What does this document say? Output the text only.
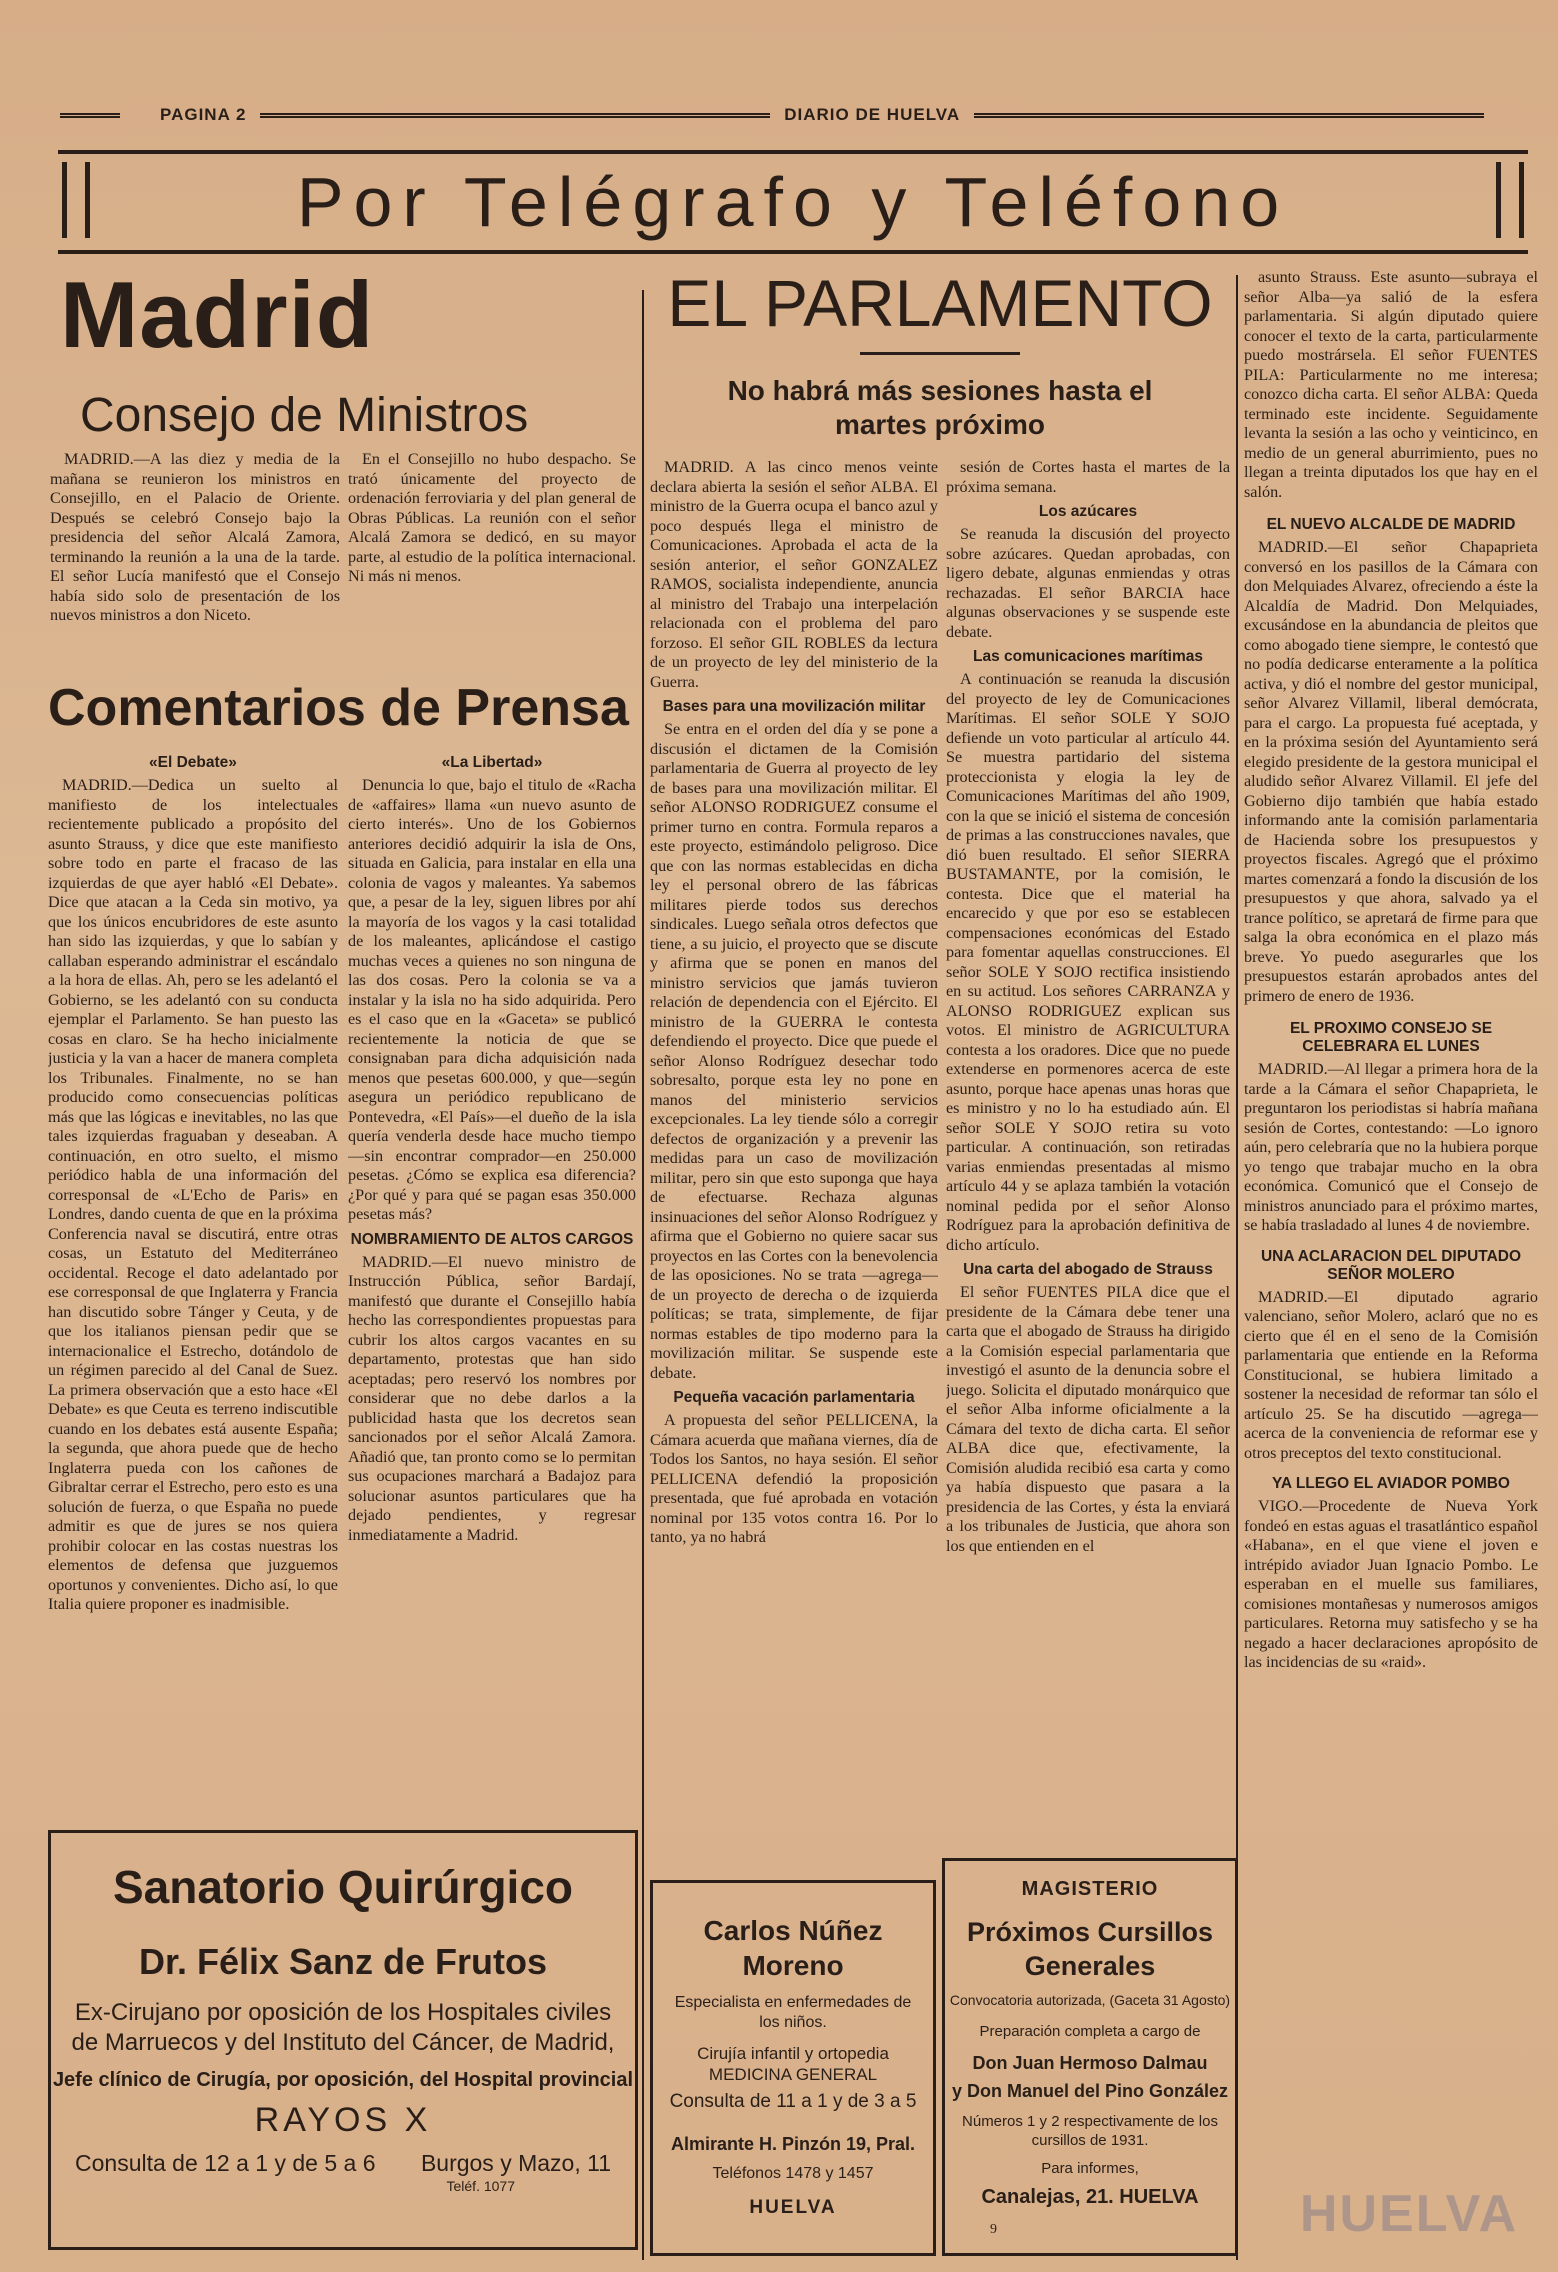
PAGINA 2	DIARIO DE HUELVA
Por Telégrafo y Teléfono
Madrid
Consejo de Ministros

MADRID.—A las diez y media de la mañana se reunieron los ministros en Consejillo, en el Palacio de Oriente. Después se celebró Consejo bajo la presidencia del señor Alcalá Zamora, terminando la reunión a la una de la tarde. El señor Lucía manifestó que el Consejo había sido solo de presentación de los nuevos ministros a don Niceto.

En el Consejillo no hubo despacho. Se trató únicamente del proyecto de ordenación ferroviaria y del plan general de Obras Públicas. La reunión con el señor Alcalá Zamora se dedicó, en su mayor parte, al estudio de la política internacional. Ni más ni menos.

Comentarios de Prensa
«El Debate»

MADRID.—Dedica un suelto al manifiesto de los intelectuales recientemente publicado a propósito del asunto Strauss, y dice que este manifiesto sobre todo en parte el fracaso de las izquierdas de que ayer habló «El Debate». Dice que atacan a la Ceda sin motivo, ya que los únicos encubridores de este asunto han sido las izquierdas, y que lo sabían y callaban esperando administrar el escándalo a la hora de ellas. Ah, pero se les adelantó el Gobierno, se les adelantó con su conducta ejemplar el Parlamento. Se han puesto las cosas en claro. Se ha hecho inicialmente justicia y la van a hacer de manera completa los Tribunales. Finalmente, no se han producido como consecuencias políticas más que las lógicas e inevitables, no las que tales izquierdas fraguaban y deseaban. A continuación, en otro suelto, el mismo periódico habla de una información del corresponsal de «L'Echo de Paris» en Londres, dando cuenta de que en la próxima Conferencia naval se discutirá, entre otras cosas, un Estatuto del Mediterráneo occidental. Recoge el dato adelantado por ese corresponsal de que Inglaterra y Francia han discutido sobre Tánger y Ceuta, y de que los italianos piensan pedir que se internacionalice el Estrecho, dotándolo de un régimen parecido al del Canal de Suez. La primera observación que a esto hace «El Debate» es que Ceuta es terreno indiscutible cuando en los debates está ausente España; la segunda, que ahora puede que de hecho Inglaterra pueda con los cañones de Gibraltar cerrar el Estrecho, pero esto es una solución de fuerza, o que España no puede admitir es que de jures se nos quiera prohibir colocar en las costas nuestras los elementos de defensa que juzguemos oportunos y convenientes. Dicho así, lo que Italia quiere proponer es inadmisible.

«La Libertad»

Denuncia lo que, bajo el titulo de «Racha de «affaires» llama «un nuevo asunto de cierto interés». Uno de los Gobiernos anteriores decidió adquirir la isla de Ons, situada en Galicia, para instalar en ella una colonia de vagos y maleantes. Ya sabemos que, a pesar de la ley, siguen libres por ahí la mayoría de los vagos y la casi totalidad de los maleantes, aplicándose el castigo muchas veces a quienes no son ninguna de las dos cosas. Pero la colonia se va a instalar y la isla no ha sido adquirida. Pero es el caso que en la «Gaceta» se publicó recientemente la noticia de que se consignaban para dicha adquisición nada menos que pesetas 600.000, y que—según asegura un periódico republicano de Pontevedra, «El País»—el dueño de la isla quería venderla desde hace mucho tiempo—sin encontrar comprador—en 250.000 pesetas. ¿Cómo se explica esa diferencia? ¿Por qué y para qué se pagan esas 350.000 pesetas más?

NOMBRAMIENTO DE ALTOS CARGOS

MADRID.—El nuevo ministro de Instrucción Pública, señor Bardají, manifestó que durante el Consejillo había hecho las correspondientes propuestas para cubrir los altos cargos vacantes en su departamento, protestas que han sido aceptadas; pero reservó los nombres por considerar que no debe darlos a la publicidad hasta que los decretos sean sancionados por el señor Alcalá Zamora. Añadió que, tan pronto como se lo permitan sus ocupaciones marchará a Badajoz para solucionar asuntos particulares que ha dejado pendientes, y regresar inmediatamente a Madrid.

Sanatorio Quirúrgico
Dr. Félix Sanz de Frutos
Ex-Cirujano por oposición de los Hospitales civiles
de Marruecos y del Instituto del Cáncer, de Madrid,
Jefe clínico de Cirugía, por oposición, del Hospital provincial
RAYOS X
Consulta de 12 a 1 y de 5 a 6 Burgos y Mazo, 11
Teléf. 1077
EL PARLAMENTO
No habrá más sesiones hasta el martes próximo

MADRID. A las cinco menos veinte declara abierta la sesión el señor ALBA. El ministro de la Guerra ocupa el banco azul y poco después llega el ministro de Comunicaciones. Aprobada el acta de la sesión anterior, el señor GONZALEZ RAMOS, socialista independiente, anuncia al ministro del Trabajo una interpelación relacionada con el problema del paro forzoso. El señor GIL ROBLES da lectura de un proyecto de ley del ministerio de la Guerra.

Bases para una movilización militar

Se entra en el orden del día y se pone a discusión el dictamen de la Comisión parlamentaria de Guerra al proyecto de ley de bases para una movilización militar. El señor ALONSO RODRIGUEZ consume el primer turno en contra. Formula reparos a este proyecto, estimándolo peligroso. Dice que con las normas establecidas en dicha ley el personal obrero de las fábricas militares pierde todos sus derechos sindicales. Luego señala otros defectos que tiene, a su juicio, el proyecto que se discute y afirma que se ponen en manos del ministro servicios que jamás tuvieron relación de dependencia con el Ejército. El ministro de la GUERRA le contesta defendiendo el proyecto. Dice que puede el señor Alonso Rodríguez desechar todo sobresalto, porque esta ley no pone en manos del ministerio servicios excepcionales. La ley tiende sólo a corregir defectos de organización y a prevenir las medidas para un caso de movilización militar, pero sin que esto suponga que haya de efectuarse. Rechaza algunas insinuaciones del señor Alonso Rodríguez y afirma que el Gobierno no quiere sacar sus proyectos en las Cortes con la benevolencia de las oposiciones. No se trata —agrega—de un proyecto de derecha o de izquierda políticas; se trata, simplemente, de fijar normas estables de tipo moderno para la movilización militar. Se suspende este debate.

Pequeña vacación parlamentaria

A propuesta del señor PELLICENA, la Cámara acuerda que mañana viernes, día de Todos los Santos, no haya sesión. El señor PELLICENA defendió la proposición presentada, que fué aprobada en votación nominal por 135 votos contra 16. Por lo tanto, ya no habrá

sesión de Cortes hasta el martes de la próxima semana.

Los azúcares

Se reanuda la discusión del proyecto sobre azúcares. Quedan aprobadas, con ligero debate, algunas enmiendas y otras rechazadas. El señor BARCIA hace algunas observaciones y se suspende este debate.

Las comunicaciones marítimas

A continuación se reanuda la discusión del proyecto de ley de Comunicaciones Marítimas. El señor SOLE Y SOJO defiende un voto particular al artículo 44. Se muestra partidario del sistema proteccionista y elogia la ley de Comunicaciones Marítimas del año 1909, con la que se inició el sistema de concesión de primas a las construcciones navales, que dió buen resultado. El señor SIERRA BUSTAMANTE, por la comisión, le contesta. Dice que el material ha encarecido y que por eso se establecen compensaciones económicas del Estado para fomentar aquellas construcciones. El señor SOLE Y SOJO rectifica insistiendo en su actitud. Los señores CARRANZA y ALONSO RODRIGUEZ explican sus votos. El ministro de AGRICULTURA contesta a los oradores. Dice que no puede extenderse en pormenores acerca de este asunto, porque hace apenas unas horas que es ministro y no lo ha estudiado aún. El señor SOLE Y SOJO retira su voto particular. A continuación, son retiradas varias enmiendas presentadas al mismo artículo 44 y se aplaza también la votación nominal pedida por el señor Alonso Rodríguez para la aprobación definitiva de dicho artículo.

Una carta del abogado de Strauss

El señor FUENTES PILA dice que el presidente de la Cámara debe tener una carta que el abogado de Strauss ha dirigido a la Comisión especial parlamentaria que investigó el asunto de la denuncia sobre el juego. Solicita el diputado monárquico que el señor Alba informe oficialmente a la Cámara del texto de dicha carta. El señor ALBA dice que, efectivamente, la Comisión aludida recibió esa carta y como ya había dispuesto que pasara a la presidencia de las Cortes, y ésta la enviará a los tribunales de Justicia, que ahora son los que entienden en el

Carlos Núñez Moreno
Especialista en enfermedades de los niños.
Cirujía infantil y ortopedia
MEDICINA GENERAL
Consulta de 11 a 1 y de 3 a 5
Almirante H. Pinzón 19, Pral.
Teléfonos 1478 y 1457
HUELVA
MAGISTERIO
Próximos Cursillos Generales
Convocatoria autorizada, (Gaceta 31 Agosto)
Preparación completa a cargo de
Don Juan Hermoso Dalmau
y Don Manuel del Pino González
Números 1 y 2 respectivamente de los cursillos de 1931.
Para informes,
Canalejas, 21. HUELVA

asunto Strauss. Este asunto—subraya el señor Alba—ya salió de la esfera parlamentaria. Si algún diputado quiere conocer el texto de la carta, particularmente puedo mostrársela. El señor FUENTES PILA: Particularmente no me interesa; conozco dicha carta. El señor ALBA: Queda terminado este incidente. Seguidamente levanta la sesión a las ocho y veinticinco, en medio de un general aburrimiento, pues no llegan a treinta diputados los que hay en el salón.

EL NUEVO ALCALDE DE MADRID

MADRID.—El señor Chapaprieta conversó en los pasillos de la Cámara con don Melquiades Alvarez, ofreciendo a éste la Alcaldía de Madrid. Don Melquiades, excusándose en la abundancia de pleitos que como abogado tiene siempre, le contestó que no podía dedicarse enteramente a la política activa, y dió el nombre del gestor municipal, señor Alvarez Villamil, liberal demócrata, para el cargo. La propuesta fué aceptada, y en la próxima sesión del Ayuntamiento será elegido presidente de la gestora municipal el aludido señor Alvarez Villamil. El jefe del Gobierno dijo también que había estado informando ante la comisión parlamentaria de Hacienda sobre los presupuestos y proyectos fiscales. Agregó que el próximo martes comenzará a fondo la discusión de los presupuestos y que ahora, salvado ya el trance político, se apretará de firme para que salga la obra económica en el plazo más breve. Yo puedo asegurarles que los presupuestos estarán aprobados antes del primero de enero de 1936.

EL PROXIMO CONSEJO SE CELEBRARA EL LUNES

MADRID.—Al llegar a primera hora de la tarde a la Cámara el señor Chapaprieta, le preguntaron los periodistas si habría mañana sesión de Cortes, contestando: —Lo ignoro aún, pero celebraría que no la hubiera porque yo tengo que trabajar mucho en la obra económica. Comunicó que el Consejo de ministros anunciado para el próximo martes, se había trasladado al lunes 4 de noviembre.

UNA ACLARACION DEL DIPUTADO SEÑOR MOLERO

MADRID.—El diputado agrario valenciano, señor Molero, aclaró que no es cierto que él en el seno de la Comisión parlamentaria que entiende en la Reforma Constitucional, se hubiera limitado a sostener la necesidad de reformar tan sólo el artículo 25. Se ha discutido —agrega— acerca de la conveniencia de reformar ese y otros preceptos del texto constitucional.

YA LLEGO EL AVIADOR POMBO

VIGO.—Procedente de Nueva York fondeó en estas aguas el trasatlántico español «Habana», en el que viene el joven e intrépido aviador Juan Ignacio Pombo. Le esperaban en el muelle sus familiares, comisiones montañesas y numerosos amigos particulares. Retorna muy satisfecho y se ha negado a hacer declaraciones apropósito de las incidencias de su «raid».

9	HUELVA
